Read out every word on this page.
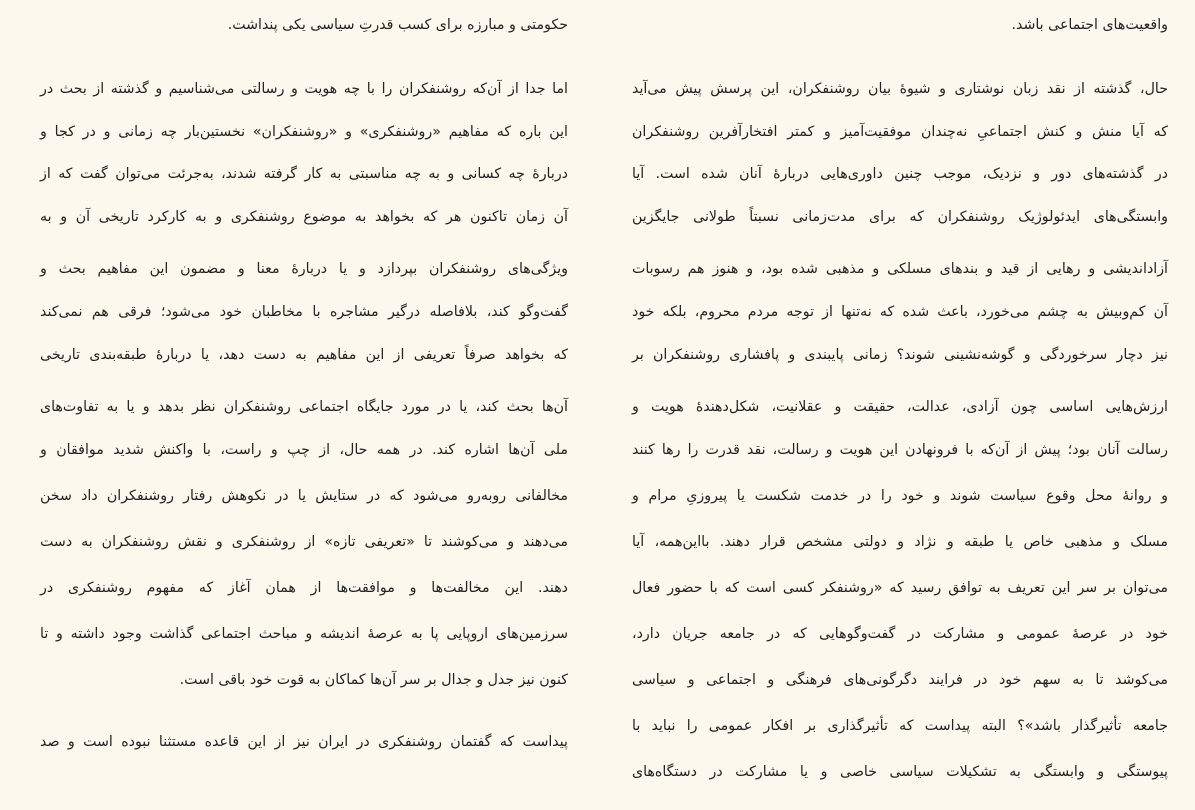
حکومتی و مبارزه برای کسب قدرتِ سیاسی یکی پنداشت.
اما جدا از آن‌که روشنفکران را با چه هویت و رسالتی می‌شناسیم و گذشته از بحث در
این باره که مفاهیم «روشنفکری» و «روشنفکران» نخستین‌بار چه زمانی و در کجا و
دربارهٔ چه کسانی و به چه مناسبتی به کار گرفته شدند، به‌جرئت می‌توان گفت که از
آن زمان تاکنون هر که بخواهد به موضوع روشنفکری و به کارکرد تاریخی آن و به
ویژگی‌های روشنفکران بپردازد و یا دربارهٔ معنا و مضمون این مفاهیم بحث و
گفت‌وگو کند، بلافاصله درگیر مشاجره با مخاطبان خود می‌شود؛ فرقی هم نمی‌کند
که بخواهد صرفاً تعریفی از این مفاهیم به دست دهد، یا دربارهٔ طبقه‌بندی تاریخی
آن‌ها بحث کند، یا در مورد جایگاه اجتماعی روشنفکران نظر بدهد و یا به تفاوت‌های
ملی آن‌ها اشاره کند. در همه حال، از چپ و راست، با واکنش شدید موافقان و
مخالفانی روبه‌رو می‌شود که در ستایش یا در نکوهش رفتار روشنفکران داد سخن
می‌دهند و می‌کوشند تا «تعریفی تازه» از روشنفکری و نقش روشنفکران به دست
دهند. این مخالفت‌ها و موافقت‌ها از همان آغاز که مفهوم روشنفکری در
سرزمین‌های اروپایی پا به عرصهٔ اندیشه و مباحث اجتماعی گذاشت وجود داشته و تا
کنون نیز جدل و جدال بر سر آن‌ها کماکان به قوت خود باقی است.
پیداست که گفتمان روشنفکری در ایران نیز از این قاعده مستثنا نبوده است و صد
واقعیت‌های اجتماعی باشد.
حال، گذشته از نقد زبان نوشتاری و شیوهٔ بیان روشنفکران، این پرسش پیش می‌آید
که آیا منش و کنش اجتماعیِ نه‌چندان موفقیت‌آمیز و کمتر افتخارآفرین روشنفکران
در گذشته‌های دور و نزدیک، موجب چنین داوری‌هایی دربارهٔ آنان شده است. آیا
وابستگی‌های ایدئولوژیک روشنفکران که برای مدت‌زمانی نسبتاً طولانی جایگزین
آزاداندیشی و رهایی از قید و بندهای مسلکی و مذهبی شده بود، و هنوز هم رسوبات
آن کم‌وبیش به چشم می‌خورد، باعث شده که نه‌تنها از توجه مردم محروم، بلکه خود
نیز دچار سرخوردگی و گوشه‌نشینی شوند؟ زمانی پایبندی و پافشاری روشنفکران بر
ارزش‌هایی اساسی چون آزادی، عدالت، حقیقت و عقلانیت، شکل‌دهندهٔ هویت و
رسالت آنان بود؛ پیش از آن‌که با فرونهادن این هویت و رسالت، نقد قدرت را رها کنند
و روانهٔ محل وقوع سیاست شوند و خود را در خدمت شکست یا پیروزیِ مرام و
مسلک و مذهبی خاص یا طبقه و نژاد و دولتی مشخص قرار دهند. بااین‌همه، آیا
می‌توان بر سر این تعریف به توافق رسید که «روشنفکر کسی است که با حضور فعال
خود در عرصهٔ عمومی و مشارکت در گفت‌وگوهایی که در جامعه جریان دارد،
می‌کوشد تا به سهم خود در فرایند دگرگونی‌های فرهنگی و اجتماعی و سیاسی
جامعه تأثیرگذار باشد»؟ البته پیداست که تأثیرگذاری بر افکار عمومی را نباید با
پیوستگی و وابستگی به تشکیلات سیاسی خاصی و یا مشارکت در دستگاه‌های
